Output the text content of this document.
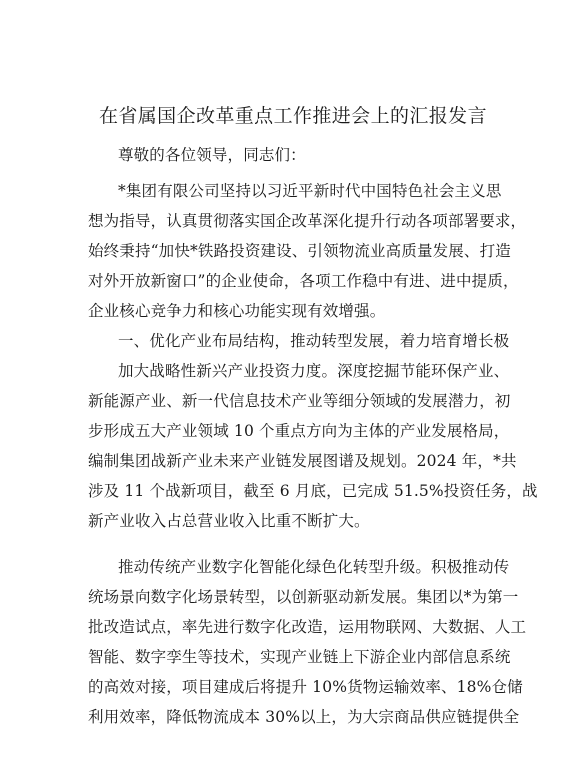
在省属国企改革重点工作推进会上的汇报发言
尊敬的各位领导，同志们：
*集团有限公司坚持以习近平新时代中国特色社会主义思
想为指导，认真贯彻落实国企改革深化提升行动各项部署要求，
始终秉持“加快*铁路投资建设、引领物流业高质量发展、打造
对外开放新窗口”的企业使命，各项工作稳中有进、进中提质，
企业核心竞争力和核心功能实现有效增强。
一、优化产业布局结构，推动转型发展，着力培育增长极
加大战略性新兴产业投资力度。深度挖掘节能环保产业、
新能源产业、新一代信息技术产业等细分领域的发展潜力，初
步形成五大产业领域 10 个重点方向为主体的产业发展格局，
编制集团战新产业未来产业链发展图谱及规划。2024 年，*共
涉及 11 个战新项目，截至 6 月底，已完成 51.5%投资任务，战
新产业收入占总营业收入比重不断扩大。
推动传统产业数字化智能化绿色化转型升级。积极推动传
统场景向数字化场景转型，以创新驱动新发展。集团以*为第一
批改造试点，率先进行数字化改造，运用物联网、大数据、人工
智能、数字孪生等技术，实现产业链上下游企业内部信息系统
的高效对接，项目建成后将提升 10%货物运输效率、18%仓储
利用效率，降低物流成本 30%以上，为大宗商品供应链提供全
